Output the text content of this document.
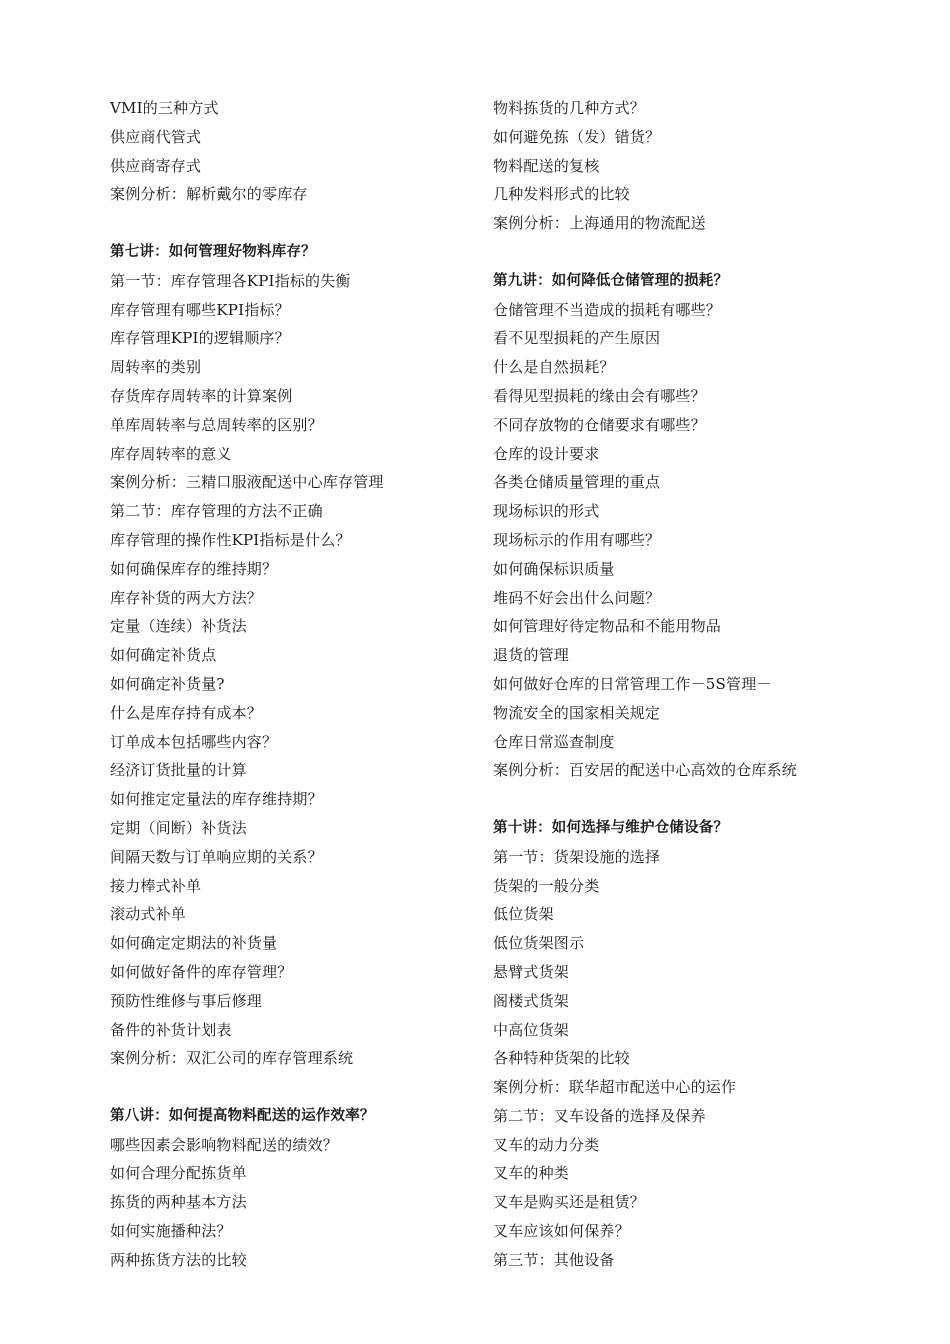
VMI的三种方式
供应商代管式
供应商寄存式
案例分析：解析戴尔的零库存
第七讲：如何管理好物料库存？
第一节：库存管理各KPI指标的失衡
库存管理有哪些KPI指标？
库存管理KPI的逻辑顺序？
周转率的类别
存货库存周转率的计算案例
单库周转率与总周转率的区别？
库存周转率的意义
案例分析：三精口服液配送中心库存管理
第二节：库存管理的方法不正确
库存管理的操作性KPI指标是什么？
如何确保库存的维持期？
库存补货的两大方法？
定量（连续）补货法
如何确定补货点
如何确定补货量?
什么是库存持有成本？
订单成本包括哪些内容？
经济订货批量的计算
如何推定定量法的库存维持期？
定期（间断）补货法
间隔天数与订单响应期的关系？
接力棒式补单
滚动式补单
如何确定定期法的补货量
如何做好备件的库存管理？
预防性维修与事后修理
备件的补货计划表
案例分析：双汇公司的库存管理系统
第八讲：如何提高物料配送的运作效率？
哪些因素会影响物料配送的绩效？
如何合理分配拣货单
拣货的两种基本方法
如何实施播种法？
两种拣货方法的比较
物料拣货的几种方式？
如何避免拣（发）错货？
物料配送的复核
几种发料形式的比较
案例分析：上海通用的物流配送
第九讲：如何降低仓储管理的损耗？
仓储管理不当造成的损耗有哪些？
看不见型损耗的产生原因
什么是自然损耗？
看得见型损耗的缘由会有哪些？
不同存放物的仓储要求有哪些？
仓库的设计要求
各类仓储质量管理的重点
现场标识的形式
现场标示的作用有哪些？
如何确保标识质量
堆码不好会出什么问题？
如何管理好待定物品和不能用物品
退货的管理
如何做好仓库的日常管理工作－5S管理－
物流安全的国家相关规定
仓库日常巡查制度
案例分析：百安居的配送中心高效的仓库系统
第十讲：如何选择与维护仓储设备？
第一节：货架设施的选择
货架的一般分类
低位货架
低位货架图示
悬臂式货架
阁楼式货架
中高位货架
各种特种货架的比较
案例分析：联华超市配送中心的运作
第二节：叉车设备的选择及保养
叉车的动力分类
叉车的种类
叉车是购买还是租赁？
叉车应该如何保养？
第三节：其他设备
